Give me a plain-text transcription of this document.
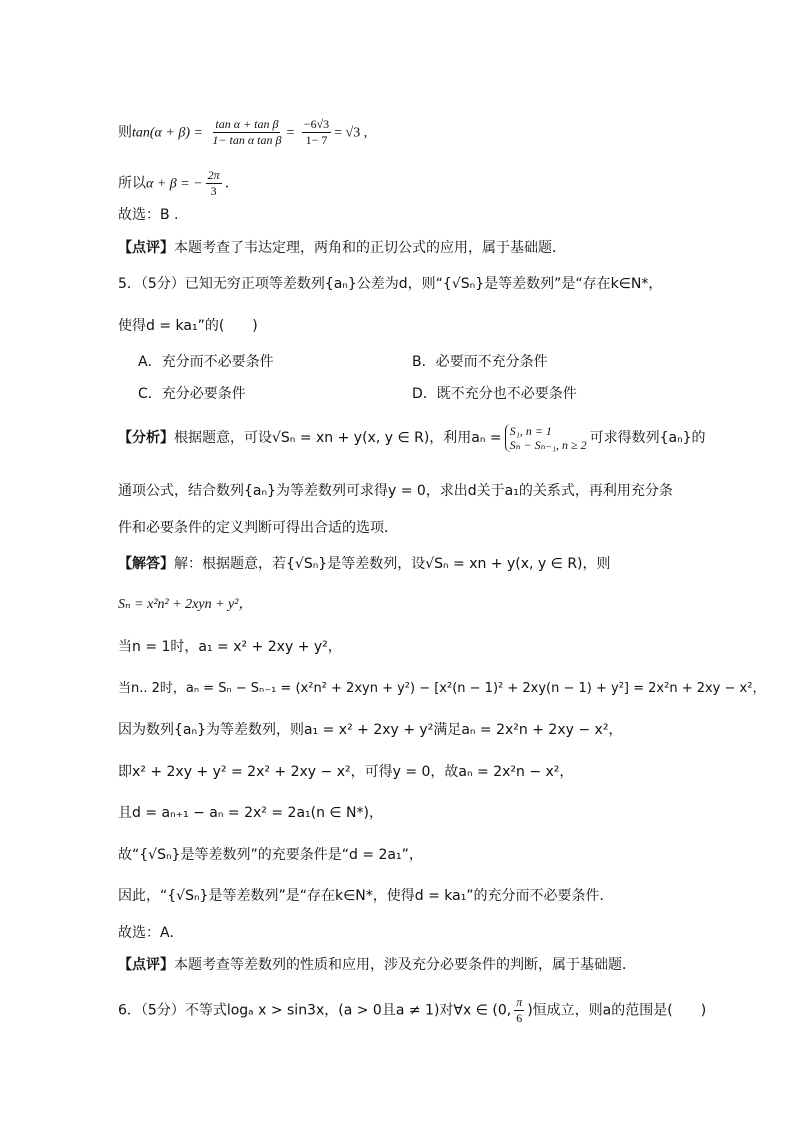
则$\tan(\alpha + \beta) = \frac{\text{tan α + tan β}}{\text{1− tan α tan β}} = \frac{-6√3}{1- 7} = √3$ ,
所以α + β = − $\frac{2\pi}{3}$ .
故选：B .
【点评】本题考查了韦达定理，两角和的正切公式的应用，属于基础题．
5．（5分）已知无穷正项等差数列{aₙ}公差为d，则“{√Sₙ}是等差数列”是“存在k∈N*，
使得d = ka₁”的(　　)
A．充分而不必要条件	B．必要而不充分条件
C．充分必要条件	D．既不充分也不必要条件
【分析】根据题意，可设√Sₙ = xn + y(x, y ∈ R)，利用aₙ = S₁, n = 1
Sₙ − Sₙ₋₁, n ≥ 2 可求得数列{aₙ}的
通项公式，结合数列{aₙ}为等差数列可求得y = 0，求出d关于a₁的关系式，再利用充分条
件和必要条件的定义判断可得出合适的选项．
【解答】解：根据题意，若{√Sₙ}是等差数列，设√Sₙ = xn + y(x, y ∈ R)，则
Sₙ = x²n² + 2xyn + y²，
当n = 1时，a₁ = x² + 2xy + y²，
当n.. 2时，aₙ = Sₙ − Sₙ₋₁ = (x²n² + 2xyn + y²) − [x²(n − 1)² + 2xy(n − 1) + y²] = 2x²n + 2xy − x²，
因为数列{aₙ}为等差数列，则a₁ = x² + 2xy + y²满足aₙ = 2x²n + 2xy − x²，
即x² + 2xy + y² = 2x² + 2xy − x²，可得y = 0，故aₙ = 2x²n − x²，
且d = aₙ₊₁ − aₙ = 2x² = 2a₁(n ∈ N*)，
故“{√Sₙ}是等差数列”的充要条件是“d = 2a₁”，
因此，“{√Sₙ}是等差数列”是“存在k∈N*，使得d = ka₁”的充分而不必要条件．
故选：A．
【点评】本题考查等差数列的性质和应用，涉及充分必要条件的判断，属于基础题．
6．（5分）不等式logₐ x > sin3x，(a > 0且a ≠ 1)对∀x ∈ (0, $\frac{\pi}{6}$ )恒成立，则a的范围是(　　)
